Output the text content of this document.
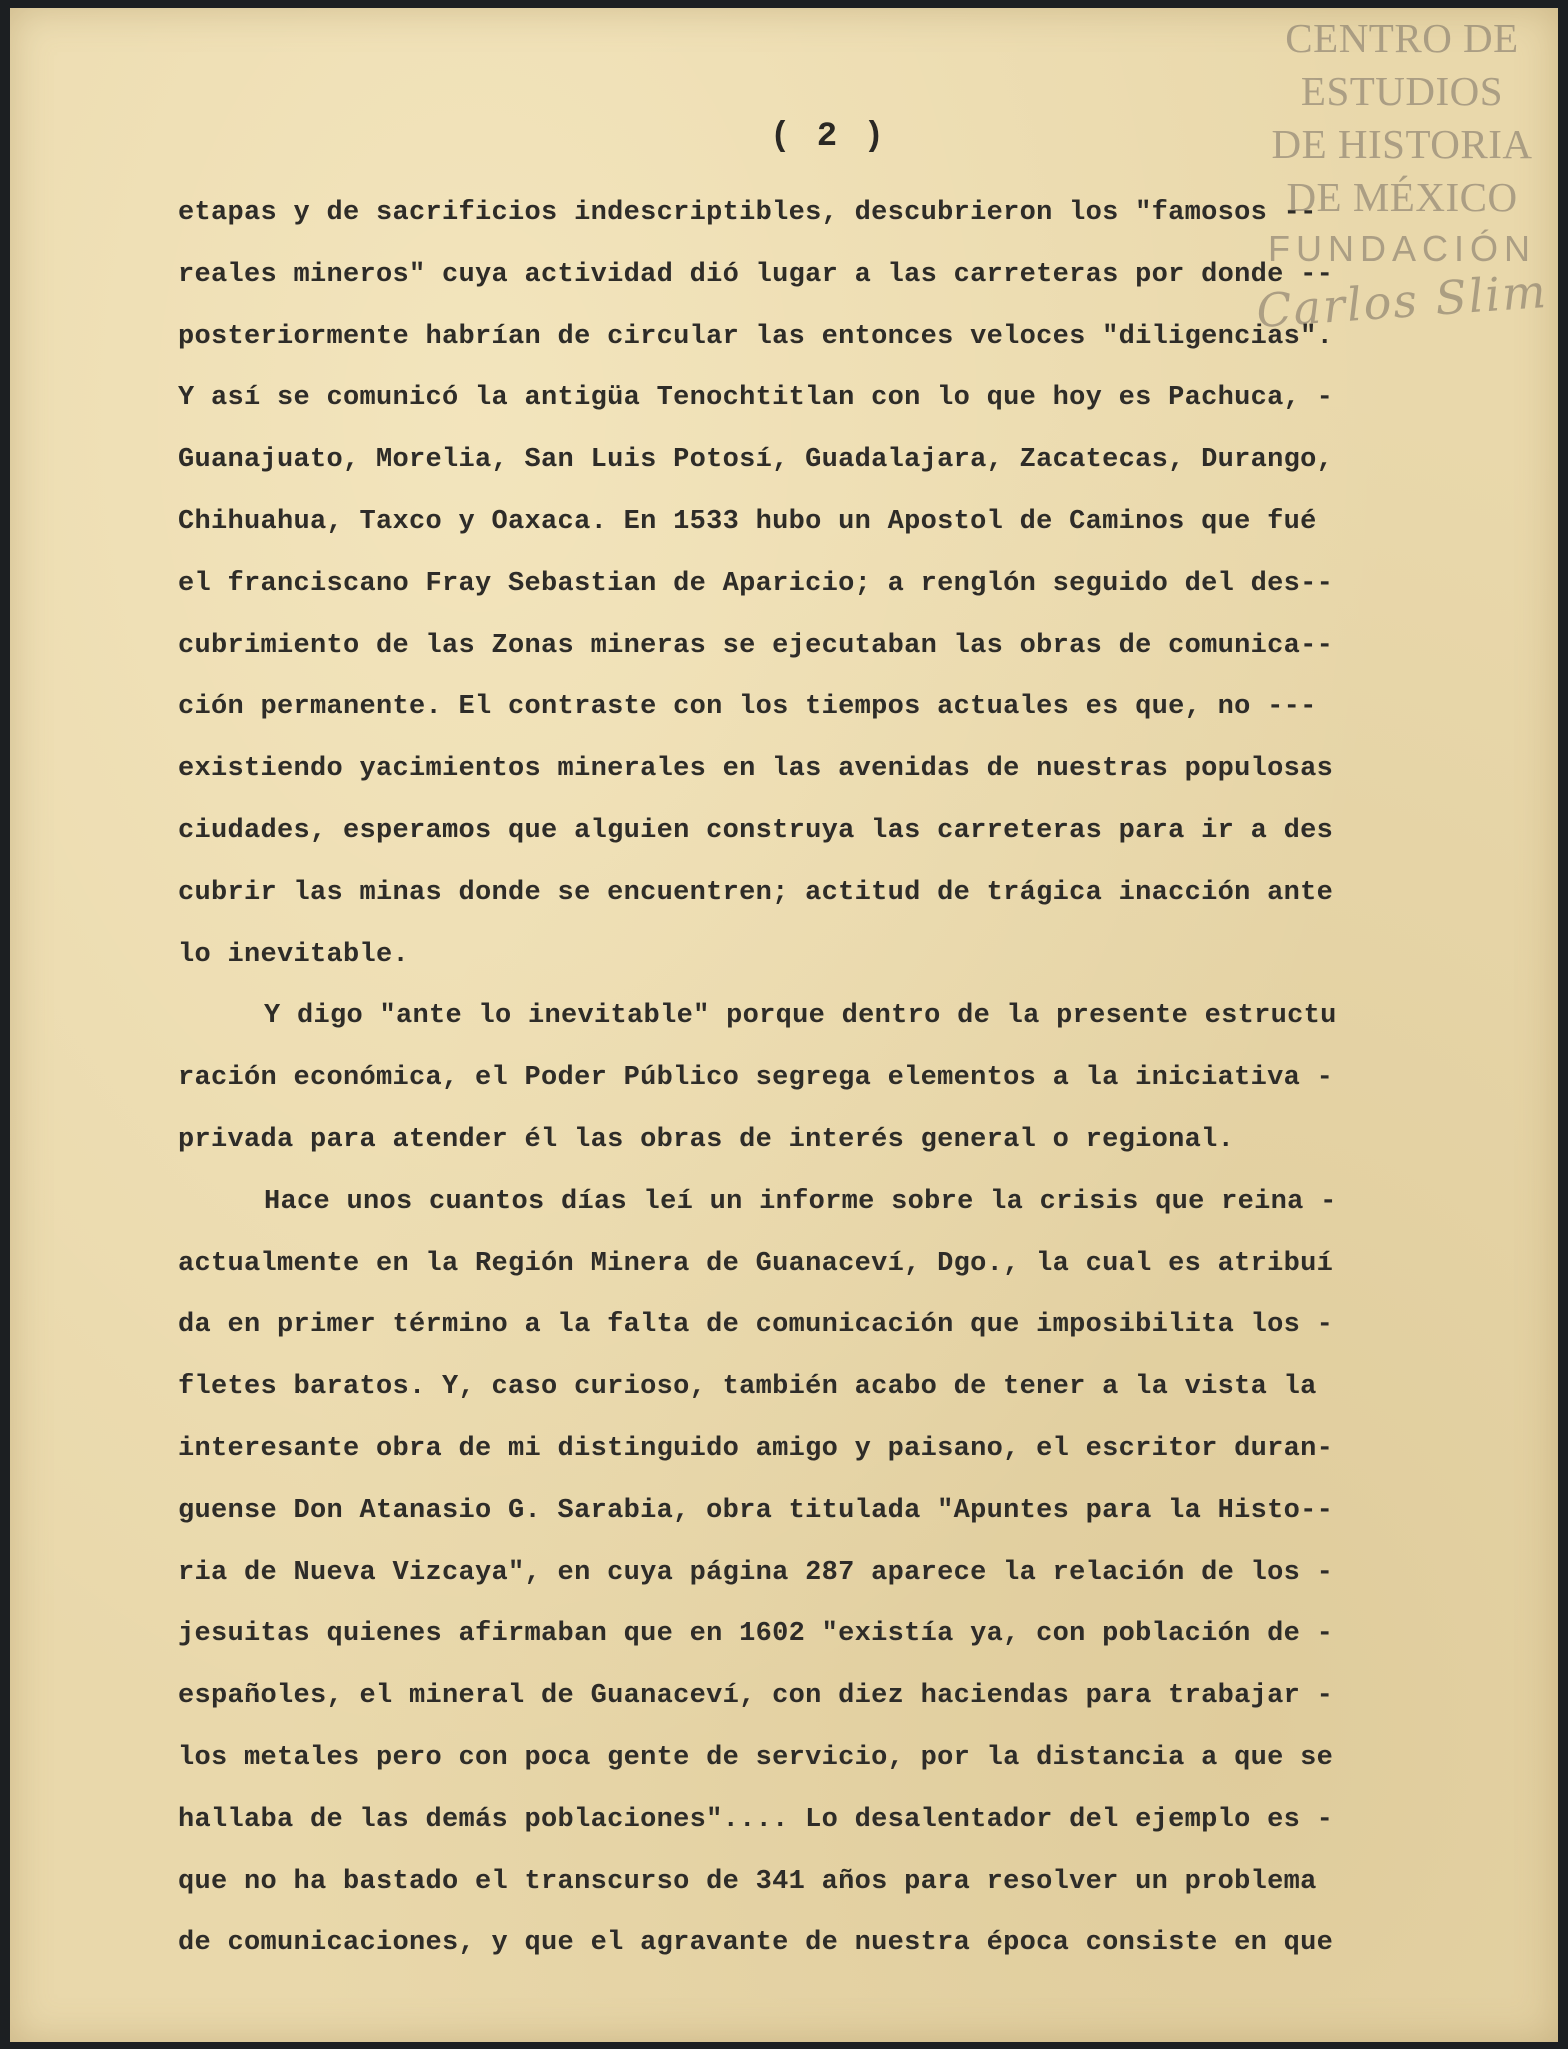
CENTRO DE
ESTUDIOS
DE HISTORIA
DE MÉXICO
FUNDACIÓN
Carlos Slim
( 2 )
etapas y de sacrificios indescriptibles, descubrieron los "famosos --
reales mineros" cuya actividad dió lugar a las carreteras por donde --
posteriormente habrían de circular las entonces veloces "diligencias".
Y así se comunicó la antigüa Tenochtitlan con lo que hoy es Pachuca, -
Guanajuato, Morelia, San Luis Potosí, Guadalajara, Zacatecas, Durango,
Chihuahua, Taxco y Oaxaca. En 1533 hubo un Apostol de Caminos que fué
el franciscano Fray Sebastian de Aparicio; a renglón seguido del des--
cubrimiento de las Zonas mineras se ejecutaban las obras de comunica--
ción permanente. El contraste con los tiempos actuales es que, no ---
existiendo yacimientos minerales en las avenidas de nuestras populosas
ciudades, esperamos que alguien construya las carreteras para ir a des
cubrir las minas donde se encuentren; actitud de trágica inacción ante
lo inevitable.
Y digo "ante lo inevitable" porque dentro de la presente estructu
ración económica, el Poder Público segrega elementos a la iniciativa -
privada para atender él las obras de interés general o regional.
Hace unos cuantos días leí un informe sobre la crisis que reina -
actualmente en la Región Minera de Guanaceví, Dgo., la cual es atribuí
da en primer término a la falta de comunicación que imposibilita los -
fletes baratos. Y, caso curioso, también acabo de tener a la vista la
interesante obra de mi distinguido amigo y paisano, el escritor duran-
guense Don Atanasio G. Sarabia, obra titulada "Apuntes para la Histo--
ria de Nueva Vizcaya", en cuya página 287 aparece la relación de los -
jesuitas quienes afirmaban que en 1602 "existía ya, con población de -
españoles, el mineral de Guanaceví, con diez haciendas para trabajar -
los metales pero con poca gente de servicio, por la distancia a que se
hallaba de las demás poblaciones".... Lo desalentador del ejemplo es -
que no ha bastado el transcurso de 341 años para resolver un problema
de comunicaciones, y que el agravante de nuestra época consiste en que
